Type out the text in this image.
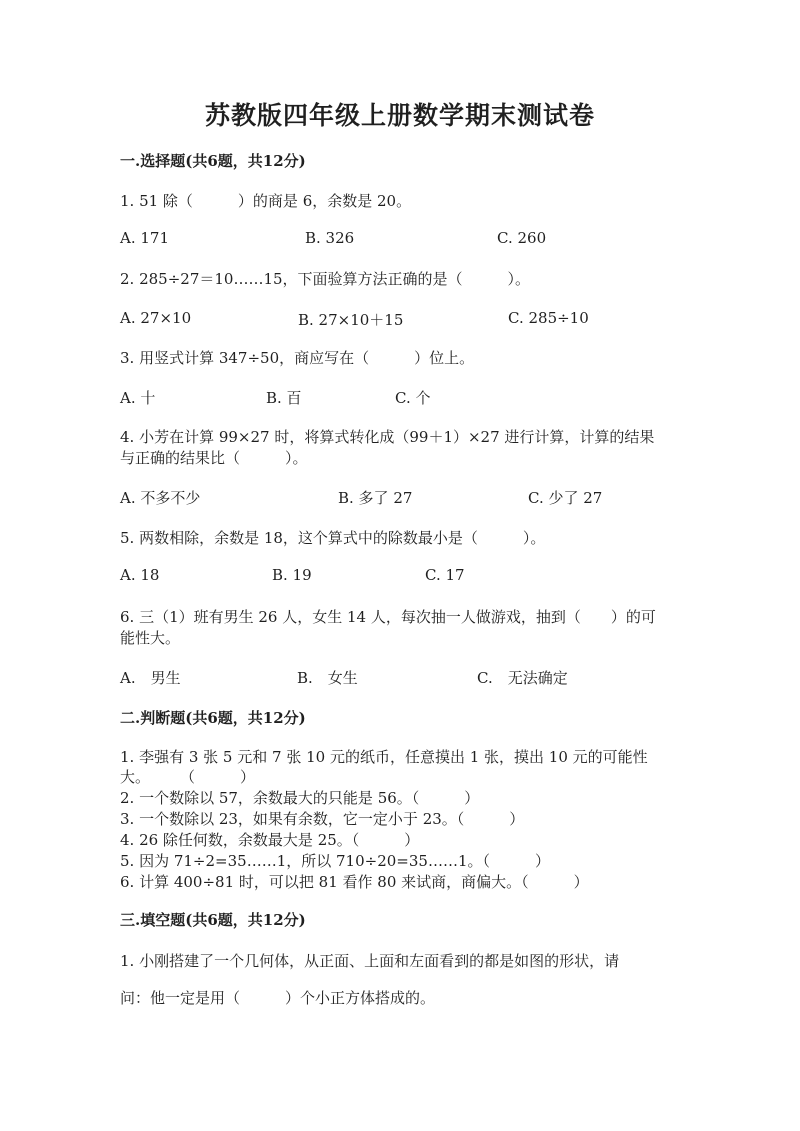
苏教版四年级上册数学期末测试卷
一.选择题(共6题，共12分)
1. 51 除（　　　）的商是 6，余数是 20。
A. 171	B. 326	C. 260
2. 285÷27＝10……15，下面验算方法正确的是（　　　）。
A. 27×10	B. 27×10＋15	C. 285÷10
3. 用竖式计算 347÷50，商应写在（　　　）位上。
A. 十	B. 百	C. 个
4. 小芳在计算 99×27 时，将算式转化成（99＋1）×27 进行计算，计算的结果
与正确的结果比（　　　）。
A. 不多不少	B. 多了 27	C. 少了 27
5. 两数相除，余数是 18，这个算式中的除数最小是（　　　）。
A. 18	B. 19	C. 17
6. 三（1）班有男生 26 人，女生 14 人，每次抽一人做游戏，抽到（　　）的可
能性大。
A.　男生	B.　女生	C.　无法确定
二.判断题(共6题，共12分)
1. 李强有 3 张 5 元和 7 张 10 元的纸币，任意摸出 1 张，摸出 10 元的可能性
大。　　　（　　　）
2. 一个数除以 57，余数最大的只能是 56。（　　　）
3. 一个数除以 23，如果有余数，它一定小于 23。（　　　）
4. 26 除任何数，余数最大是 25。（　　　）
5. 因为 71÷2=35……1，所以 710÷20=35……1。（　　　）
6. 计算 400÷81 时，可以把 81 看作 80 来试商，商偏大。（　　　）
三.填空题(共6题，共12分)
1. 小刚搭建了一个几何体，从正面、上面和左面看到的都是如图的形状，请
问：他一定是用（　　　）个小正方体搭成的。
